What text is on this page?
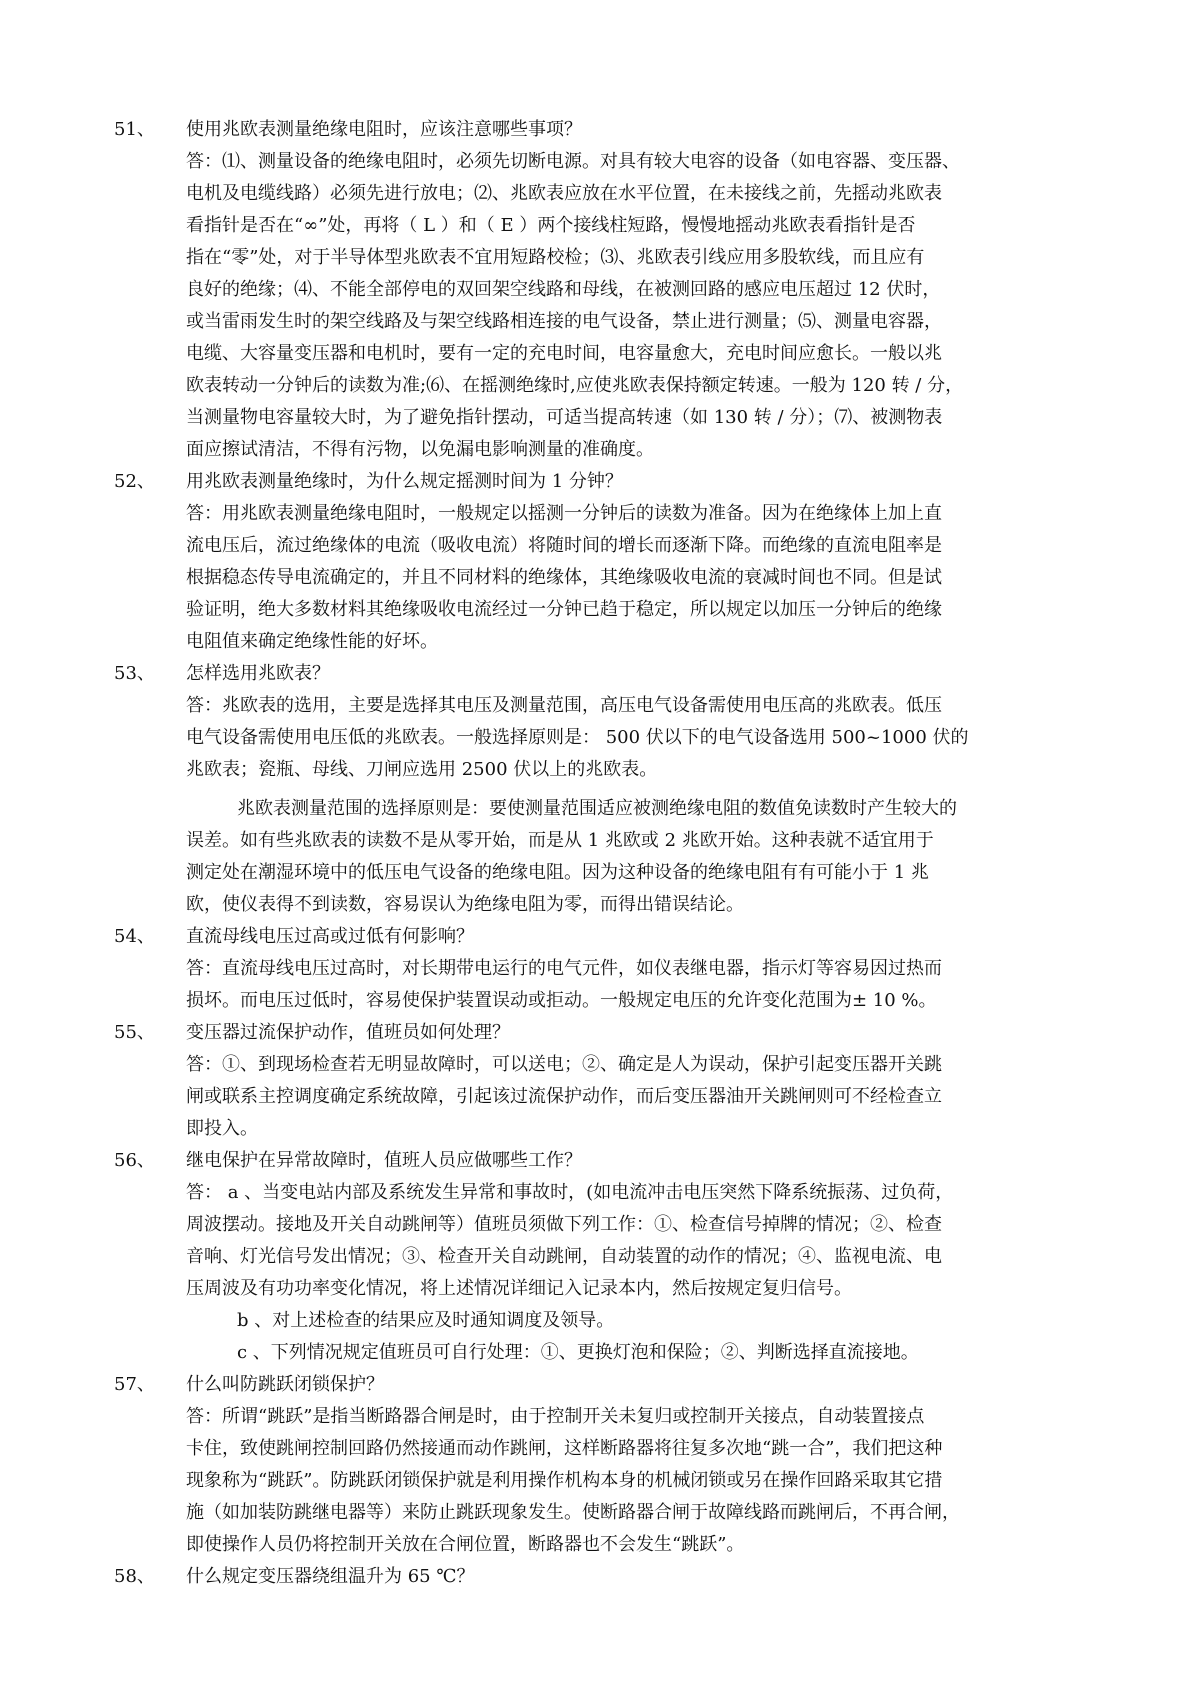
51、	使用兆欧表测量绝缘电阻时，应该注意哪些事项？
答：⑴、测量设备的绝缘电阻时，必须先切断电源。对具有较大电容的设备（如电容器、变压器、
电机及电缆线路）必须先进行放电；⑵、兆欧表应放在水平位置，在未接线之前，先摇动兆欧表
看指针是否在“∞”处，再将（ L ）和（ E ）两个接线柱短路，慢慢地摇动兆欧表看指针是否
指在“零”处，对于半导体型兆欧表不宜用短路校检；⑶、兆欧表引线应用多股软线，而且应有
良好的绝缘；⑷、不能全部停电的双回架空线路和母线，在被测回路的感应电压超过 12 伏时，
或当雷雨发生时的架空线路及与架空线路相连接的电气设备，禁止进行测量；⑸、测量电容器，
电缆、大容量变压器和电机时，要有一定的充电时间，电容量愈大，充电时间应愈长。一般以兆
欧表转动一分钟后的读数为准;⑹、在摇测绝缘时,应使兆欧表保持额定转速。一般为 120 转 / 分，
当测量物电容量较大时，为了避免指针摆动，可适当提高转速（如 130 转 / 分）；⑺、被测物表
面应擦试清洁，不得有污物，以免漏电影响测量的准确度。
52、	用兆欧表测量绝缘时，为什么规定摇测时间为 1 分钟？
答：用兆欧表测量绝缘电阻时，一般规定以摇测一分钟后的读数为准备。因为在绝缘体上加上直
流电压后，流过绝缘体的电流（吸收电流）将随时间的增长而逐渐下降。而绝缘的直流电阻率是
根据稳态传导电流确定的，并且不同材料的绝缘体，其绝缘吸收电流的衰减时间也不同。但是试
验证明，绝大多数材料其绝缘吸收电流经过一分钟已趋于稳定，所以规定以加压一分钟后的绝缘
电阻值来确定绝缘性能的好坏。
53、	怎样选用兆欧表？
答：兆欧表的选用，主要是选择其电压及测量范围，高压电气设备需使用电压高的兆欧表。低压
电气设备需使用电压低的兆欧表。一般选择原则是： 500 伏以下的电气设备选用 500~1000 伏的
兆欧表；瓷瓶、母线、刀闸应选用 2500 伏以上的兆欧表。
兆欧表测量范围的选择原则是：要使测量范围适应被测绝缘电阻的数值免读数时产生较大的
误差。如有些兆欧表的读数不是从零开始，而是从 1 兆欧或 2 兆欧开始。这种表就不适宜用于
测定处在潮湿环境中的低压电气设备的绝缘电阻。因为这种设备的绝缘电阻有有可能小于 1 兆
欧，使仪表得不到读数，容易误认为绝缘电阻为零，而得出错误结论。
54、	直流母线电压过高或过低有何影响？
答：直流母线电压过高时，对长期带电运行的电气元件，如仪表继电器，指示灯等容易因过热而
损坏。而电压过低时，容易使保护装置误动或拒动。一般规定电压的允许变化范围为± 10 %。
55、	变压器过流保护动作，值班员如何处理？
答：①、到现场检查若无明显故障时，可以送电；②、确定是人为误动，保护引起变压器开关跳
闸或联系主控调度确定系统故障，引起该过流保护动作，而后变压器油开关跳闸则可不经检查立
即投入。
56、	继电保护在异常故障时，值班人员应做哪些工作？
答： a 、当变电站内部及系统发生异常和事故时，(如电流冲击电压突然下降系统振荡、过负荷，
周波摆动。接地及开关自动跳闸等）值班员须做下列工作：①、检查信号掉牌的情况；②、检查
音响、灯光信号发出情况；③、检查开关自动跳闸，自动装置的动作的情况；④、监视电流、电
压周波及有功功率变化情况，将上述情况详细记入记录本内，然后按规定复归信号。
b 、对上述检查的结果应及时通知调度及领导。
c 、下列情况规定值班员可自行处理：①、更换灯泡和保险；②、判断选择直流接地。
57、	什么叫防跳跃闭锁保护？
答：所谓“跳跃”是指当断路器合闸是时，由于控制开关未复归或控制开关接点，自动装置接点
卡住，致使跳闸控制回路仍然接通而动作跳闸，这样断路器将往复多次地“跳一合”，我们把这种
现象称为“跳跃”。防跳跃闭锁保护就是利用操作机构本身的机械闭锁或另在操作回路采取其它措
施（如加装防跳继电器等）来防止跳跃现象发生。使断路器合闸于故障线路而跳闸后，不再合闸，
即使操作人员仍将控制开关放在合闸位置，断路器也不会发生“跳跃”。
58、	什么规定变压器绕组温升为 65 ℃？
